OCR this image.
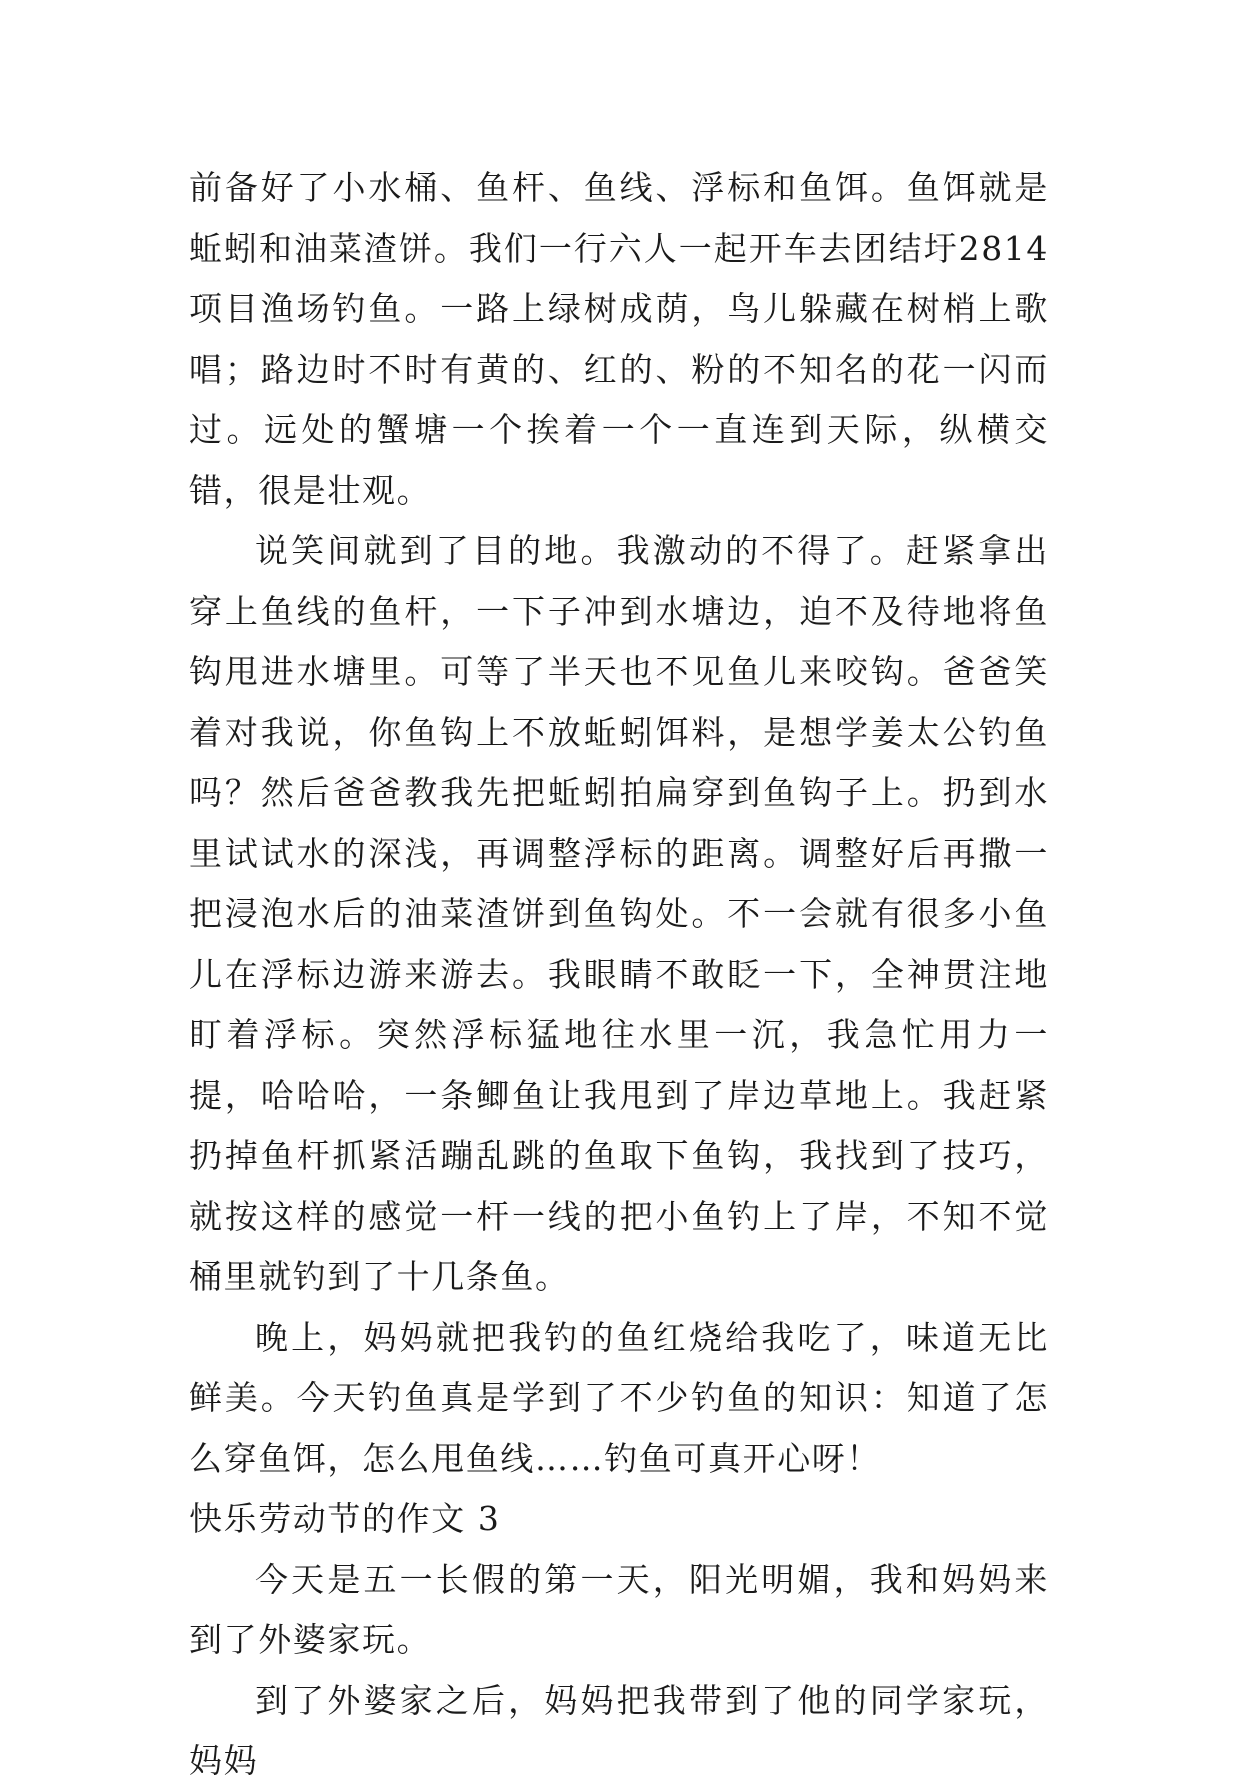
前备好了小水桶、鱼杆、鱼线、浮标和鱼饵。鱼饵就是蚯蚓和油菜渣饼。我们一行六人一起开车去团结圩2814项目渔场钓鱼。一路上绿树成荫，鸟儿躲藏在树梢上歌唱；路边时不时有黄的、红的、粉的不知名的花一闪而过。远处的蟹塘一个挨着一个一直连到天际，纵横交错，很是壮观。

说笑间就到了目的地。我激动的不得了。赶紧拿出穿上鱼线的鱼杆，一下子冲到水塘边，迫不及待地将鱼钩甩进水塘里。可等了半天也不见鱼儿来咬钩。爸爸笑着对我说，你鱼钩上不放蚯蚓饵料，是想学姜太公钓鱼吗？然后爸爸教我先把蚯蚓拍扁穿到鱼钩子上。扔到水里试试水的深浅，再调整浮标的距离。调整好后再撒一把浸泡水后的油菜渣饼到鱼钩处。不一会就有很多小鱼儿在浮标边游来游去。我眼睛不敢眨一下，全神贯注地盯着浮标。突然浮标猛地往水里一沉，我急忙用力一提，哈哈哈，一条鲫鱼让我甩到了岸边草地上。我赶紧扔掉鱼杆抓紧活蹦乱跳的鱼取下鱼钩，我找到了技巧，就按这样的感觉一杆一线的把小鱼钓上了岸，不知不觉桶里就钓到了十几条鱼。

晚上，妈妈就把我钓的鱼红烧给我吃了，味道无比鲜美。今天钓鱼真是学到了不少钓鱼的知识：知道了怎么穿鱼饵，怎么甩鱼线……钓鱼可真开心呀！

快乐劳动节的作文 3

今天是五一长假的第一天，阳光明媚，我和妈妈来到了外婆家玩。

到了外婆家之后，妈妈把我带到了他的同学家玩，妈妈
